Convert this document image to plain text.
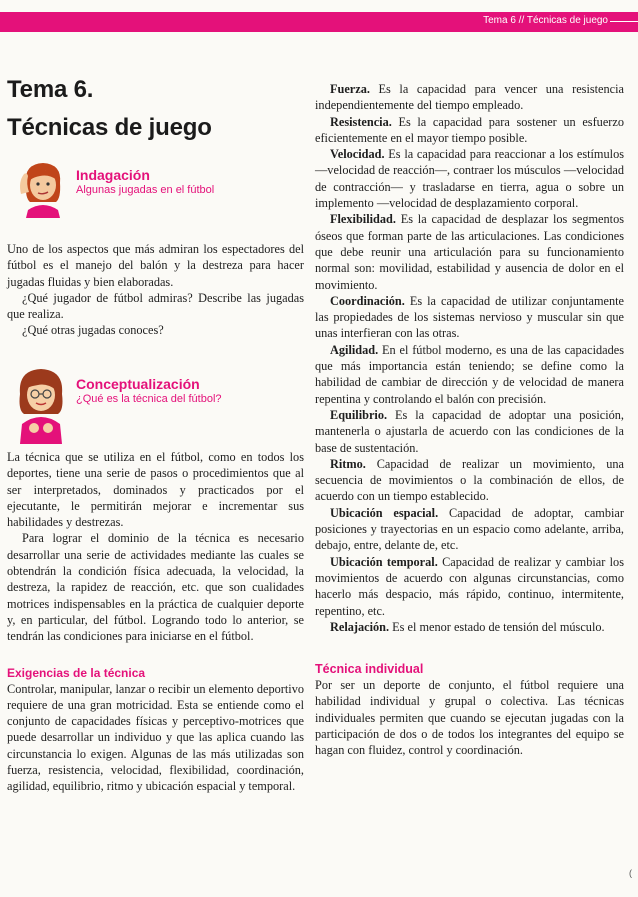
Tema 6 // Técnicas de juego
Tema 6.
Técnicas de juego
Indagación
Algunas jugadas en el fútbol
Conceptualización
¿Qué es la técnica del fútbol?

Uno de los aspectos que más admiran los espectadores del fútbol es el manejo del balón y la destreza para hacer jugadas fluidas y bien elaboradas.

¿Qué jugador de fútbol admiras? Describe las jugadas que realiza.

¿Qué otras jugadas conoces?

La técnica que se utiliza en el fútbol, como en todos los deportes, tiene una serie de pasos o procedimientos que al ser interpretados, dominados y practicados por el ejecutante, le permitirán mejorar e incrementar sus habilidades y destrezas.

Para lograr el dominio de la técnica es necesario desarrollar una serie de actividades mediante las cuales se obtendrán la condición física adecuada, la velocidad, la destreza, la rapidez de reacción, etc. que son cualidades motrices indispensables en la práctica de cualquier deporte y, en particular, del fútbol. Logrando todo lo anterior, se tendrán las condiciones para iniciarse en el fútbol.

Exigencias de la técnica

Controlar, manipular, lanzar o recibir un elemento deportivo requiere de una gran motricidad. Esta se entiende como el conjunto de capacidades físicas y perceptivo-motrices que puede desarrollar un individuo y que las aplica cuando las circunstancia lo exigen. Algunas de las más utilizadas son fuerza, resistencia, velocidad, flexibilidad, coordinación, agilidad, equilibrio, ritmo y ubicación espacial y temporal.

Fuerza. Es la capacidad para vencer una resistencia independientemente del tiempo empleado.

Resistencia. Es la capacidad para sostener un esfuerzo eficientemente en el mayor tiempo posible.

Velocidad. Es la capacidad para reaccionar a los estímulos —velocidad de reacción—, contraer los músculos —velocidad de contracción— y trasladarse en tierra, agua o sobre un implemento —velocidad de desplazamiento corporal.

Flexibilidad. Es la capacidad de desplazar los segmentos óseos que forman parte de las articulaciones. Las condiciones que debe reunir una articulación para su funcionamiento normal son: movilidad, estabilidad y ausencia de dolor en el movimiento.

Coordinación. Es la capacidad de utilizar conjuntamente las propiedades de los sistemas nervioso y muscular sin que unas interfieran con las otras.

Agilidad. En el fútbol moderno, es una de las capacidades que más importancia están teniendo; se define como la habilidad de cambiar de dirección y de velocidad de manera repentina y controlando el balón con precisión.

Equilibrio. Es la capacidad de adoptar una posición, mantenerla o ajustarla de acuerdo con las condiciones de la base de sustentación.

Ritmo. Capacidad de realizar un movimiento, una secuencia de movimientos o la combinación de ellos, de acuerdo con un tiempo establecido.

Ubicación espacial. Capacidad de adoptar, cambiar posiciones y trayectorias en un espacio como adelante, arriba, debajo, entre, delante de, etc.

Ubicación temporal. Capacidad de realizar y cambiar los movimientos de acuerdo con algunas circunstancias, como hacerlo más despacio, más rápido, continuo, intermitente, repentino, etc.

Relajación. Es el menor estado de tensión del músculo.

Técnica individual

Por ser un deporte de conjunto, el fútbol requiere una habilidad individual y grupal o colectiva. Las técnicas individuales permiten que cuando se ejecutan jugadas con la participación de dos o de todos los integrantes del equipo se hagan con fluidez, control y coordinación.

(
